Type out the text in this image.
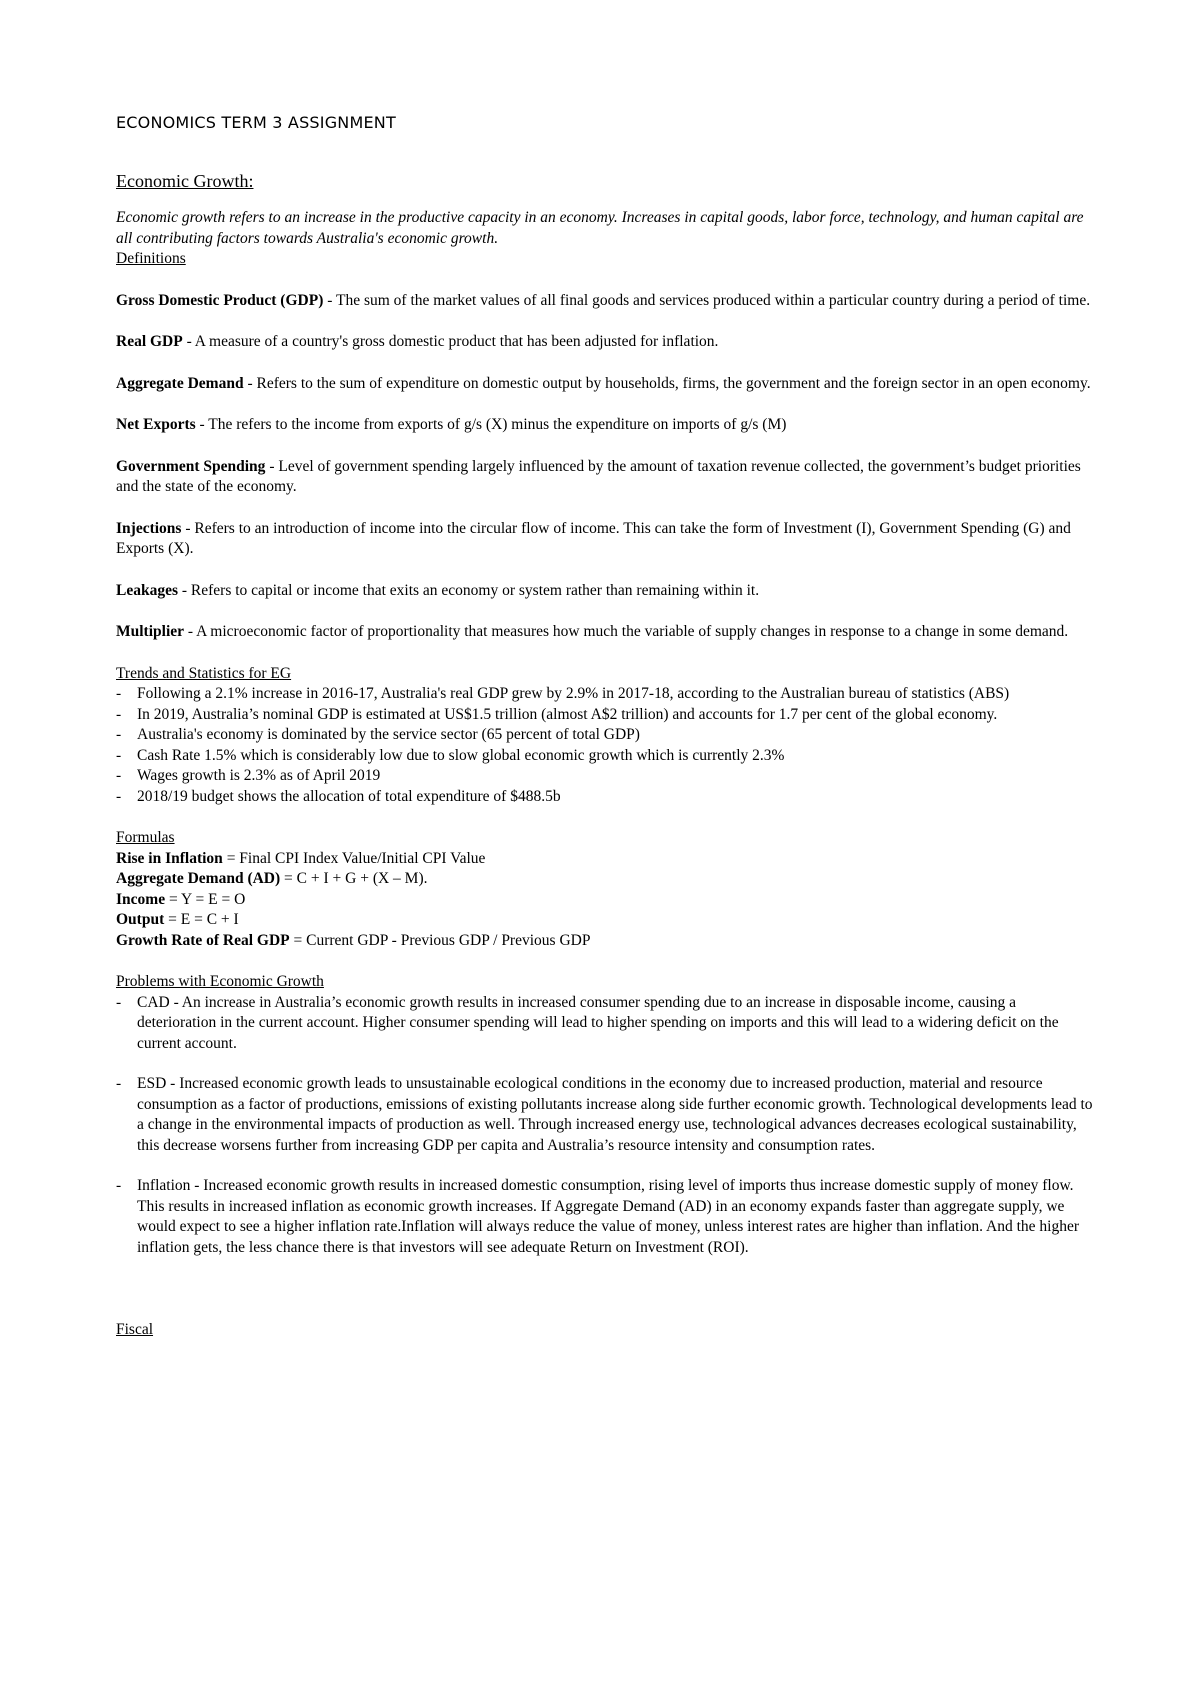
ECONOMICS TERM 3 ASSIGNMENT
Economic Growth:

Economic growth refers to an increase in the productive capacity in an economy. Increases in capital goods, labor force, technology, and human capital are all contributing factors towards Australia's economic growth.

Definitions

Gross Domestic Product (GDP) - The sum of the market values of all final goods and services produced within a particular country during a period of time.

Real GDP - A measure of a country's gross domestic product that has been adjusted for inflation.

Aggregate Demand - Refers to the sum of expenditure on domestic output by households, firms, the government and the foreign sector in an open economy.

Net Exports - The refers to the income from exports of g/s (X) minus the expenditure on imports of g/s (M)

Government Spending - Level of government spending largely influenced by the amount of taxation revenue collected, the government’s budget priorities and the state of the economy.

Injections - Refers to an introduction of income into the circular flow of income. This can take the form of Investment (I), Government Spending (G) and Exports (X).

Leakages - Refers to capital or income that exits an economy or system rather than remaining within it.

Multiplier - A microeconomic factor of proportionality that measures how much the variable of supply changes in response to a change in some demand.

Trends and Statistics for EG
- Following a 2.1% increase in 2016-17, Australia's real GDP grew by 2.9% in 2017-18, according to the Australian bureau of statistics (ABS)
- In 2019, Australia’s nominal GDP is estimated at US$1.5 trillion (almost A$2 trillion) and accounts for 1.7 per cent of the global economy.
- Australia's economy is dominated by the service sector (65 percent of total GDP)
- Cash Rate 1.5% which is considerably low due to slow global economic growth which is currently 2.3%
- Wages growth is 2.3% as of April 2019
- 2018/19 budget shows the allocation of total expenditure of $488.5b
Formulas

Rise in Inflation = Final CPI Index Value/Initial CPI Value

Aggregate Demand (AD) = C + I + G + (X – M).

Income = Y = E = O

Output = E = C + I

Growth Rate of Real GDP = Current GDP - Previous GDP / Previous GDP

Problems with Economic Growth
- CAD - An increase in Australia’s economic growth results in increased consumer spending due to an increase in disposable income, causing a deterioration in the current account. Higher consumer spending will lead to higher spending on imports and this will lead to a widering deficit on the current account.
- ESD - Increased economic growth leads to unsustainable ecological conditions in the economy due to increased production, material and resource consumption as a factor of productions, emissions of existing pollutants increase along side further economic growth. Technological developments lead to a change in the environmental impacts of production as well. Through increased energy use, technological advances decreases ecological sustainability, this decrease worsens further from increasing GDP per capita and Australia’s resource intensity and consumption rates.
- Inflation - Increased economic growth results in increased domestic consumption, rising level of imports thus increase domestic supply of money flow. This results in increased inflation as economic growth increases. If Aggregate Demand (AD) in an economy expands faster than aggregate supply, we would expect to see a higher inflation rate.Inflation will always reduce the value of money, unless interest rates are higher than inflation. And the higher inflation gets, the less chance there is that investors will see adequate Return on Investment (ROI).
Fiscal
